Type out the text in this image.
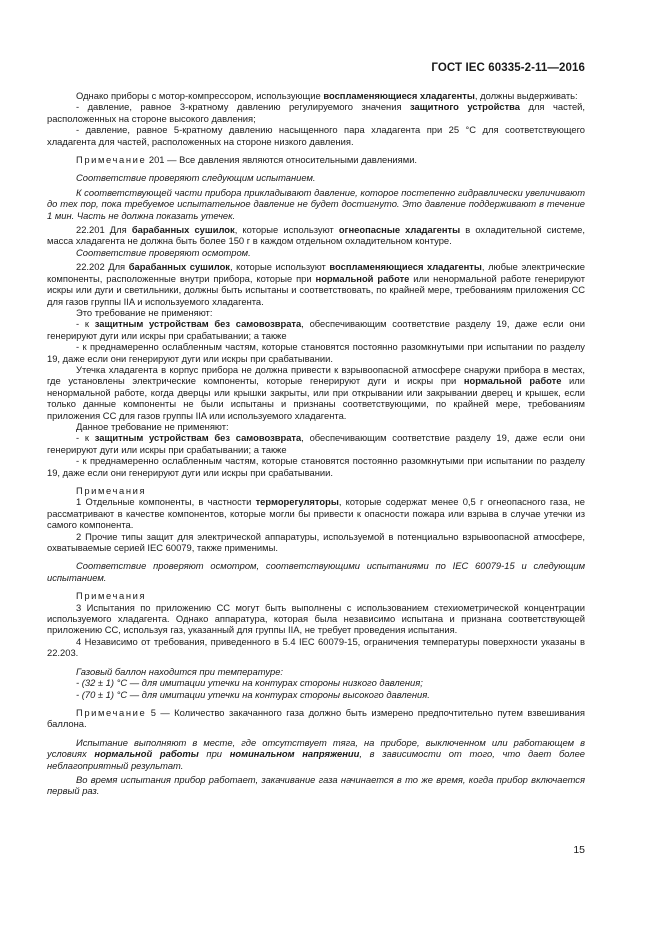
ГОСТ IEC 60335-2-11—2016

Однако приборы с мотор-компрессором, использующие воспламеняющиеся хладагенты, должны выдерживать:

- давление, равное 3-кратному давлению регулируемого значения защитного устройства для частей, расположенных на стороне высокого давления;

- давление, равное 5-кратному давлению насыщенного пара хладагента при 25 °С для соответствующего хладагента для частей, расположенных на стороне низкого давления.

Примечание 201 — Все давления являются относительными давлениями.

Соответствие проверяют следующим испытанием.

К соответствующей части прибора прикладывают давление, которое постепенно гидравлически увеличивают до тех пор, пока требуемое испытательное давление не будет достигнуто. Это давление поддерживают в течение 1 мин. Часть не должна показать утечек.

22.201 Для барабанных сушилок, которые используют огнеопасные хладагенты в охладительной системе, масса хладагента не должна быть более 150 г в каждом отдельном охладительном контуре.

Соответствие проверяют осмотром.

22.202 Для барабанных сушилок, которые используют воспламеняющиеся хладагенты, любые электрические компоненты, расположенные внутри прибора, которые при нормальной работе или ненормальной работе генерируют искры или дуги и светильники, должны быть испытаны и соответствовать, по крайней мере, требованиям приложения СС для газов группы IIA и используемого хладагента.

Это требование не применяют:

- к защитным устройствам без самовозврата, обеспечивающим соответствие разделу 19, даже если они генерируют дуги или искры при срабатывании; а также

- к преднамеренно ослабленным частям, которые становятся постоянно разомкнутыми при испытании по разделу 19, даже если они генерируют дуги или искры при срабатывании.

Утечка хладагента в корпус прибора не должна привести к взрывоопасной атмосфере снаружи прибора в местах, где установлены электрические компоненты, которые генерируют дуги и искры при нормальной работе или ненормальной работе, когда дверцы или крышки закрыты, или при открывании или закрывании дверец и крышек, если только данные компоненты не были испытаны и признаны соответствующими, по крайней мере, требованиям приложения СС для газов группы IIA или используемого хладагента.

Данное требование не применяют:

- к защитным устройствам без самовозврата, обеспечивающим соответствие разделу 19, даже если они генерируют дуги или искры при срабатывании; а также

- к преднамеренно ослабленным частям, которые становятся постоянно разомкнутыми при испытании по разделу 19, даже если они генерируют дуги или искры при срабатывании.

Примечания

1 Отдельные компоненты, в частности терморегуляторы, которые содержат менее 0,5 г огнеопасного газа, не рассматривают в качестве компонентов, которые могли бы привести к опасности пожара или взрыва в случае утечки из самого компонента.

2 Прочие типы защит для электрической аппаратуры, используемой в потенциально взрывоопасной атмосфере, охватываемые серией IEC 60079, также применимы.

Соответствие проверяют осмотром, соответствующими испытаниями по IEC 60079-15 и следующим испытанием.

Примечания

3 Испытания по приложению СС могут быть выполнены с использованием стехиометрической концентрации используемого хладагента. Однако аппаратура, которая была независимо испытана и признана соответствующей приложению СС, используя газ, указанный для группы IIA, не требует проведения испытания.

4 Независимо от требования, приведенного в 5.4 IEC 60079-15, ограничения температуры поверхности указаны в 22.203.

Газовый баллон находится при температуре:

- (32 ± 1) °С — для имитации утечки на контурах стороны низкого давления;

- (70 ± 1) °С — для имитации утечки на контурах стороны высокого давления.

Примечание 5 — Количество закачанного газа должно быть измерено предпочтительно путем взвешивания баллона.

Испытание выполняют в месте, где отсутствует тяга, на приборе, выключенном или работающем в условиях нормальной работы при номинальном напряжении, в зависимости от того, что дает более неблагоприятный результат.

Во время испытания прибор работает, закачивание газа начинается в то же время, когда прибор включается первый раз.

15
